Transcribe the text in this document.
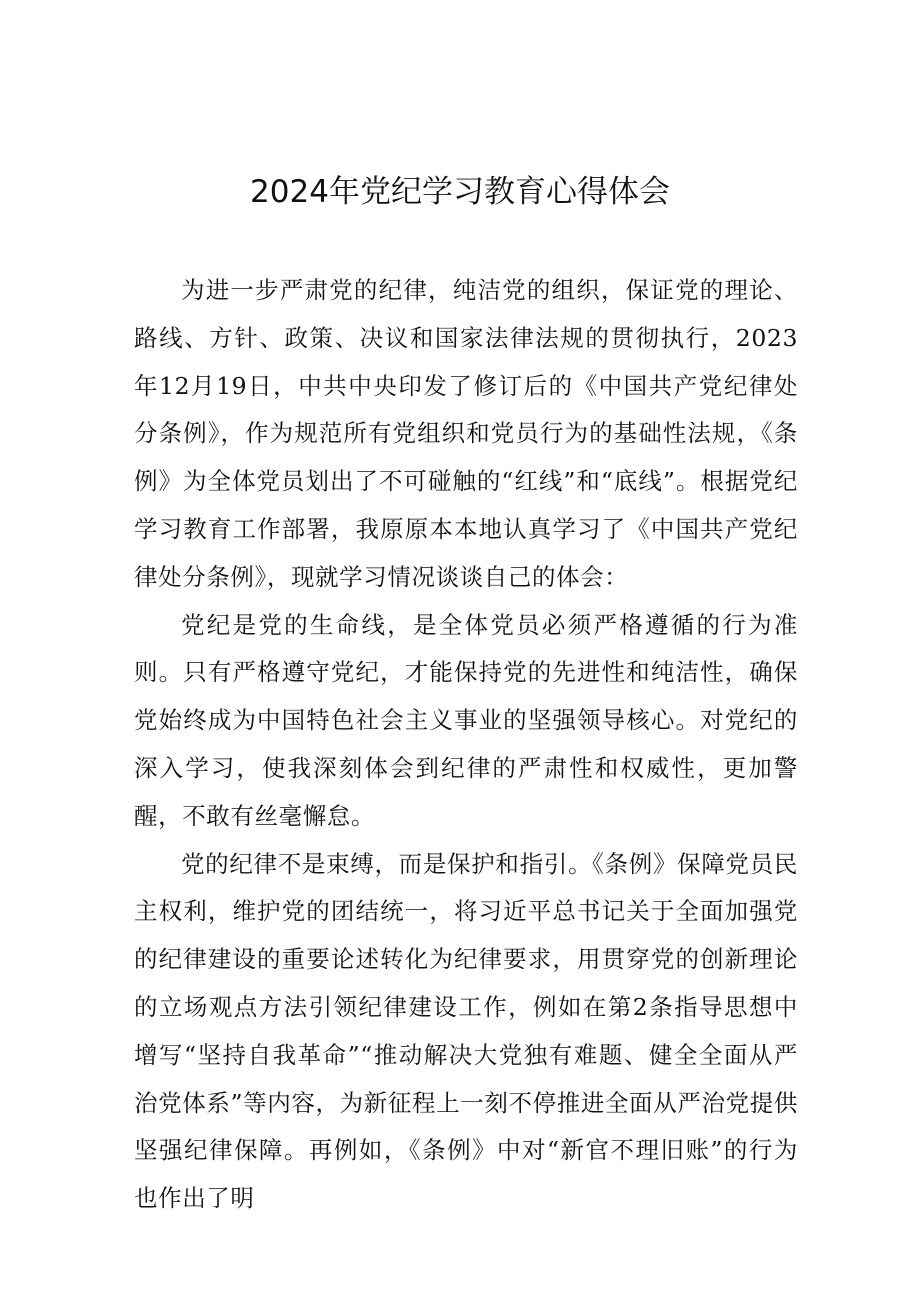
2024年党纪学习教育心得体会

为进一步严肃党的纪律，纯洁党的组织，保证党的理论、路线、方针、政策、决议和国家法律法规的贯彻执行，2023年12月19日，中共中央印发了修订后的《中国共产党纪律处分条例》，作为规范所有党组织和党员行为的基础性法规，《条例》为全体党员划出了不可碰触的“红线”和“底线”。根据党纪学习教育工作部署，我原原本本地认真学习了《中国共产党纪律处分条例》，现就学习情况谈谈自己的体会：

党纪是党的生命线，是全体党员必须严格遵循的行为准则。只有严格遵守党纪，才能保持党的先进性和纯洁性，确保党始终成为中国特色社会主义事业的坚强领导核心。对党纪的深入学习，使我深刻体会到纪律的严肃性和权威性，更加警醒，不敢有丝毫懈怠。

党的纪律不是束缚，而是保护和指引。《条例》保障党员民主权利，维护党的团结统一，将习近平总书记关于全面加强党的纪律建设的重要论述转化为纪律要求，用贯穿党的创新理论的立场观点方法引领纪律建设工作，例如在第2条指导思想中增写“坚持自我革命”“推动解决大党独有难题、健全全面从严治党体系”等内容，为新征程上一刻不停推进全面从严治党提供坚强纪律保障。再例如，《条例》中对“新官不理旧账”的行为也作出了明
